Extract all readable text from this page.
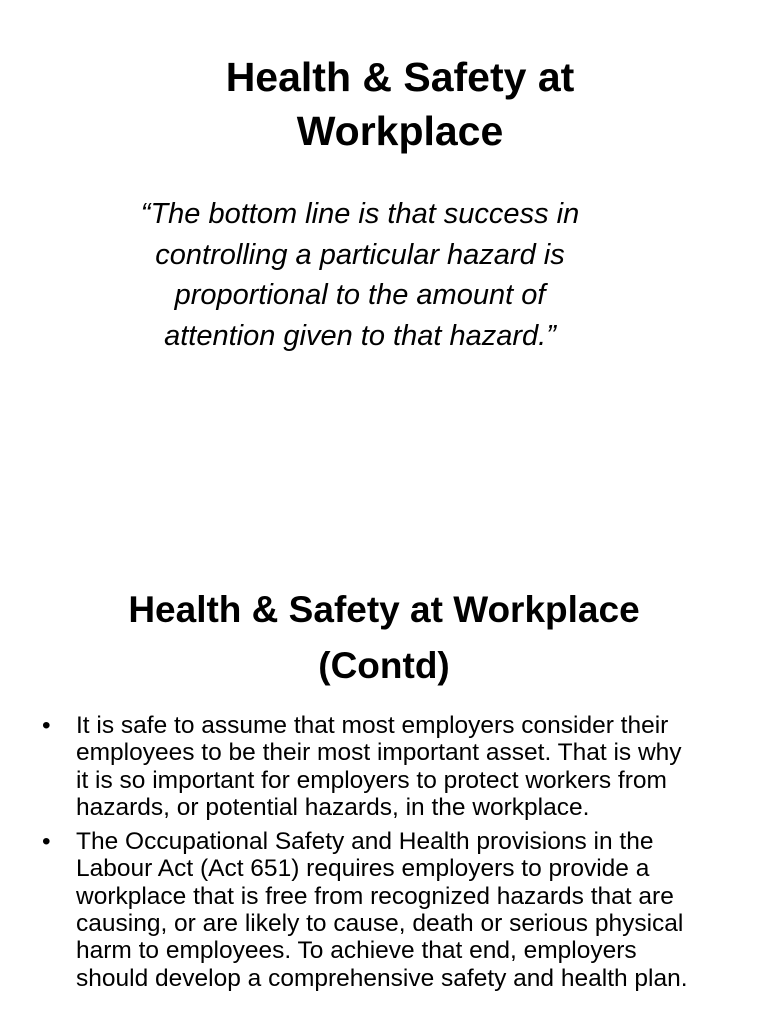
Health & Safety at
Workplace

“The bottom line is that success in
controlling a particular hazard is
proportional to the amount of
attention given to that hazard.”

Health & Safety at Workplace
(Contd)
• It is safe to assume that most employers consider their
employees to be their most important asset. That is why
it is so important for employers to protect workers from
hazards, or potential hazards, in the workplace.
• The Occupational Safety and Health provisions in the
Labour Act (Act 651) requires employers to provide a
workplace that is free from recognized hazards that are
causing, or are likely to cause, death or serious physical
harm to employees. To achieve that end, employers
should develop a comprehensive safety and health plan.
